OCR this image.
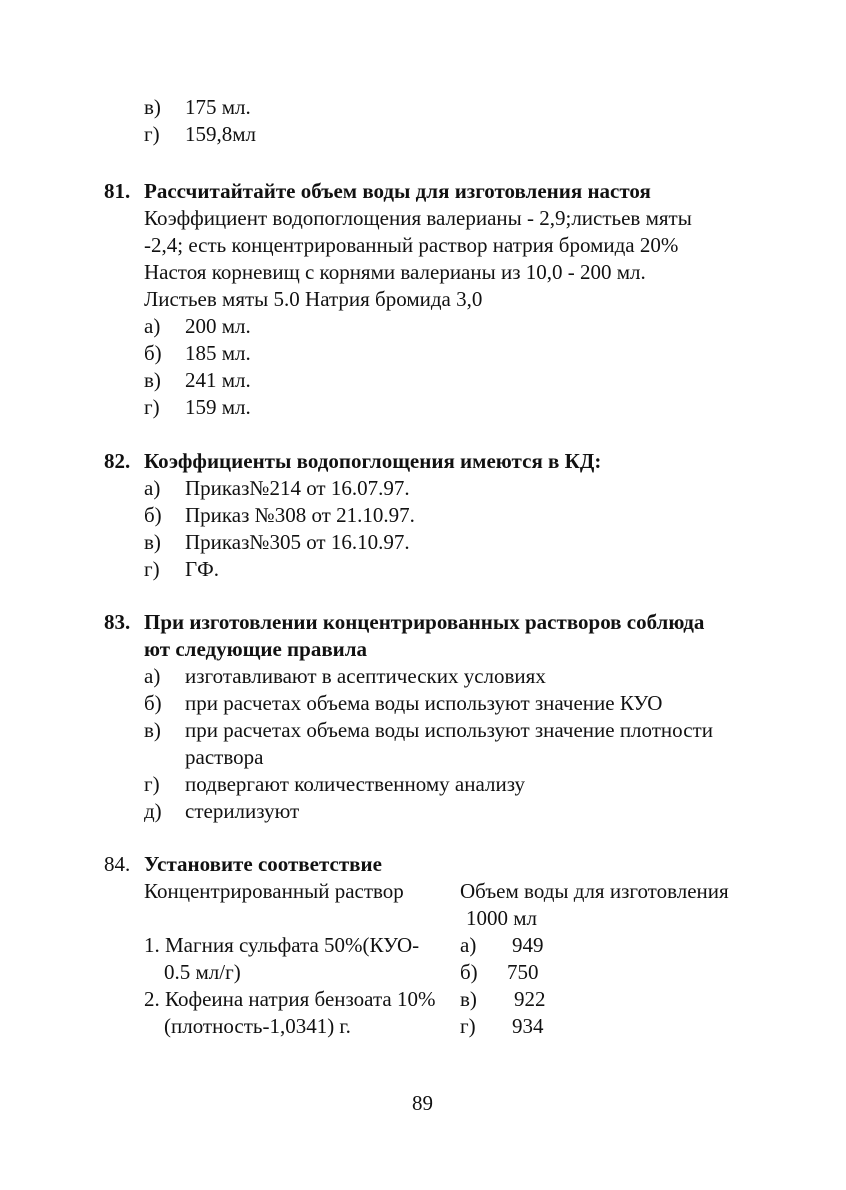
в) 175 мл.
г) 159,8мл
81. Рассчитайтайте объем воды для изготовления настоя
Коэффициент водопоглощения валерианы - 2,9;листьев мяты
-2,4; есть концентрированный раствор натрия бромида 20%
Настоя корневищ с корнями валерианы из 10,0 - 200 мл.
Листьев мяты 5.0 Натрия бромида 3,0
а) 200 мл.
б) 185 мл.
в) 241 мл.
г) 159 мл.
82. Коэффициенты водопоглощения имеются в КД:
а) Приказ№214 от 16.07.97.
б) Приказ №308 от 21.10.97.
в) Приказ№305 от 16.10.97.
г) ГФ.
83. При изготовлении концентрированных растворов соблюда
ют следующие правила
а) изготавливают в асептических условиях
б) при расчетах объема воды используют значение КУО
в) при расчетах объема воды используют значение плотности
раствора
г) подвергают количественному анализу
д) стерилизуют
84. Установите соответствие
Концентрированный раствор	Объем воды для изготовления
1000 мл
1. Магния сульфата 50%(КУО-
0.5 мл/г)
2. Кофеина натрия бензоата 10%
(плотность-1,0341) г.
а) 949
б) 750
в) 922
г) 934
89
